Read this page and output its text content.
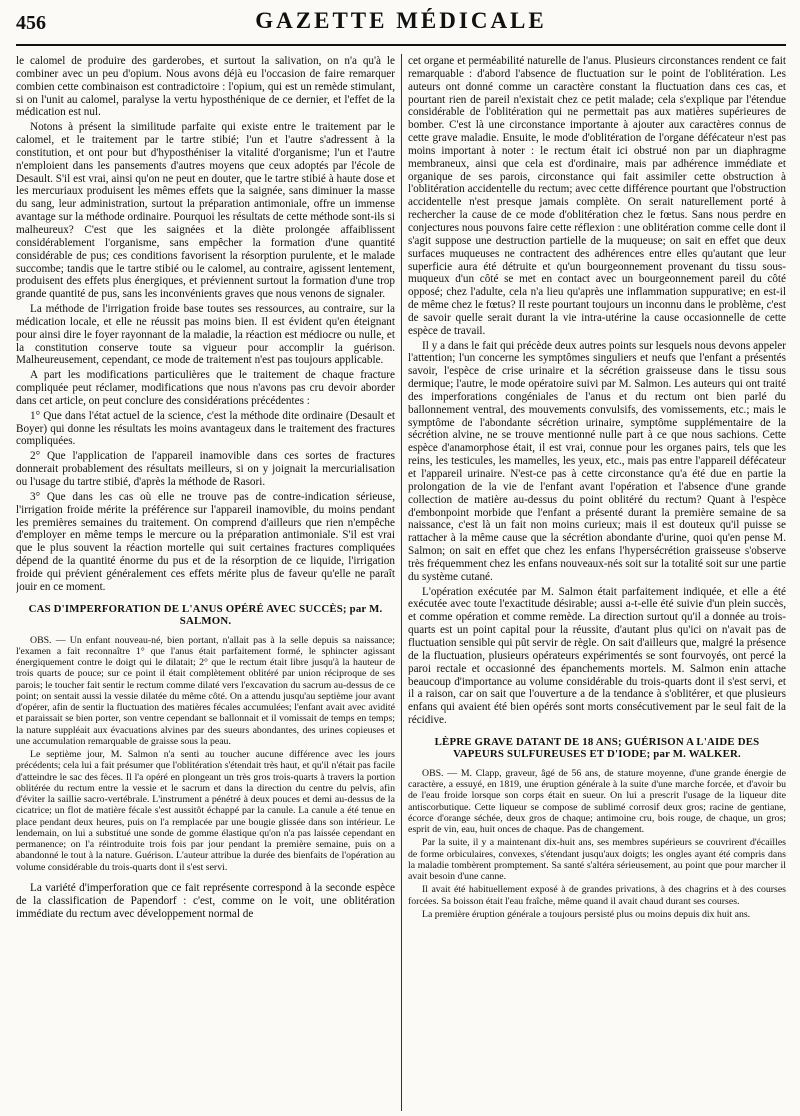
456	GAZETTE MÉDICALE

le calomel de produire des garderobes, et surtout la salivation, on n'a qu'à le combiner avec un peu d'opium. Nous avons déjà eu l'occasion de faire remarquer combien cette combinaison est contradictoire : l'opium, qui est un remède stimulant, si on l'unit au calomel, paralyse la vertu hyposthénique de ce dernier, et l'effet de la médication est nul.

Notons à présent la similitude parfaite qui existe entre le traitement par le calomel, et le traitement par le tartre stibié; l'un et l'autre s'adressent à la constitution, et ont pour but d'hyposthéniser la vitalité d'organisme; l'un et l'autre n'emploient dans les pansements d'autres moyens que ceux adoptés par l'école de Desault. S'il est vrai, ainsi qu'on ne peut en douter, que le tartre stibié à haute dose et les mercuriaux produisent les mêmes effets que la saignée, sans diminuer la masse du sang, leur administration, surtout la préparation antimoniale, offre un immense avantage sur la méthode ordinaire. Pourquoi les résultats de cette méthode sont-ils si malheureux? C'est que les saignées et la diète prolongée affaiblissent considérablement l'organisme, sans empêcher la formation d'une quantité considérable de pus; ces conditions favorisent la résorption purulente, et le malade succombe; tandis que le tartre stibié ou le calomel, au contraire, agissent lentement, produisent des effets plus énergiques, et préviennent surtout la formation d'une trop grande quantité de pus, sans les inconvénients graves que nous venons de signaler.

La méthode de l'irrigation froide base toutes ses ressources, au contraire, sur la médication locale, et elle ne réussit pas moins bien. Il est évident qu'en éteignant pour ainsi dire le foyer rayonnant de la maladie, la réaction est médiocre ou nulle, et la constitution conserve toute sa vigueur pour accomplir la guérison. Malheureusement, cependant, ce mode de traitement n'est pas toujours applicable.

A part les modifications particulières que le traitement de chaque fracture compliquée peut réclamer, modifications que nous n'avons pas cru devoir aborder dans cet article, on peut conclure des considérations précédentes :

1° Que dans l'état actuel de la science, c'est la méthode dite ordinaire (Desault et Boyer) qui donne les résultats les moins avantageux dans le traitement des fractures compliquées.

2° Que l'application de l'appareil inamovible dans ces sortes de fractures donnerait probablement des résultats meilleurs, si on y joignait la mercurialisation ou l'usage du tartre stibié, d'après la méthode de Rasori.

3° Que dans les cas où elle ne trouve pas de contre-indication sérieuse, l'irrigation froide mérite la préférence sur l'appareil inamovible, du moins pendant les premières semaines du traitement. On comprend d'ailleurs que rien n'empêche d'employer en même temps le mercure ou la préparation antimoniale. S'il est vrai que le plus souvent la réaction mortelle qui suit certaines fractures compliquées dépend de la quantité énorme du pus et de la résorption de ce liquide, l'irrigation froide qui prévient généralement ces effets mérite plus de faveur qu'elle ne paraît jouir en ce moment.

CAS D'IMPERFORATION DE L'ANUS OPÉRÉ AVEC SUCCÈS; par M. SALMON.

OBS. — Un enfant nouveau-né, bien portant, n'allait pas à la selle depuis sa naissance; l'examen a fait reconnaître 1° que l'anus était parfaitement formé, le sphincter agissant énergiquement contre le doigt qui le dilatait; 2° que le rectum était libre jusqu'à la hauteur de trois quarts de pouce; sur ce point il était complètement oblitéré par union réciproque de ses parois; le toucher fait sentir le rectum comme dilaté vers l'excavation du sacrum au-dessus de ce point; on sentait aussi la vessie dilatée du même côté. On a attendu jusqu'au septième jour avant d'opérer, afin de sentir la fluctuation des matières fécales accumulées; l'enfant avait avec avidité et paraissait se bien porter, son ventre cependant se ballonnait et il vomissait de temps en temps; la nature suppléait aux évacuations alvines par des sueurs abondantes, des urines copieuses et une accumulation remarquable de graisse sous la peau.

Le septième jour, M. Salmon n'a senti au toucher aucune différence avec les jours précédents; cela lui a fait présumer que l'oblitération s'étendait très haut, et qu'il n'était pas facile d'atteindre le sac des fèces. Il l'a opéré en plongeant un très gros trois-quarts à travers la portion oblitérée du rectum entre la vessie et le sacrum et dans la direction du centre du pelvis, afin d'éviter la saillie sacro-vertébrale. L'instrument a pénétré à deux pouces et demi au-dessus de la cicatrice; un flot de matière fécale s'est aussitôt échappé par la canule. La canule a été tenue en place pendant deux heures, puis on l'a remplacée par une bougie glissée dans son intérieur. Le lendemain, on lui a substitué une sonde de gomme élastique qu'on n'a pas laissée cependant en permanence; on l'a réintroduite trois fois par jour pendant la première semaine, puis on a abandonné le tout à la nature. Guérison. L'auteur attribue la durée des bienfaits de l'opération au volume considérable du trois-quarts dont il s'est servi.

La variété d'imperforation que ce fait représente correspond à la seconde espèce de la classification de Papendorf : c'est, comme on le voit, une oblitération immédiate du rectum avec développement normal de

cet organe et perméabilité naturelle de l'anus. Plusieurs circonstances rendent ce fait remarquable : d'abord l'absence de fluctuation sur le point de l'oblitération. Les auteurs ont donné comme un caractère constant la fluctuation dans ces cas, et pourtant rien de pareil n'existait chez ce petit malade; cela s'explique par l'étendue considérable de l'oblitération qui ne permettait pas aux matières supérieures de bomber. C'est là une circonstance importante à ajouter aux caractères connus de cette grave maladie. Ensuite, le mode d'oblitération de l'organe défécateur n'est pas moins important à noter : le rectum était ici obstrué non par un diaphragme membraneux, ainsi que cela est d'ordinaire, mais par adhérence immédiate et organique de ses parois, circonstance qui fait assimiler cette obstruction à l'oblitération accidentelle du rectum; avec cette différence pourtant que l'obstruction accidentelle n'est presque jamais complète. On serait naturellement porté à rechercher la cause de ce mode d'oblitération chez le fœtus. Sans nous perdre en conjectures nous pouvons faire cette réflexion : une oblitération comme celle dont il s'agit suppose une destruction partielle de la muqueuse; on sait en effet que deux surfaces muqueuses ne contractent des adhérences entre elles qu'autant que leur superficie aura été détruite et qu'un bourgeonnement provenant du tissu sous-muqueux d'un côté se met en contact avec un bourgeonnement pareil du côté opposé; chez l'adulte, cela n'a lieu qu'après une inflammation suppurative; en est-il de même chez le fœtus? Il reste pourtant toujours un inconnu dans le problème, c'est de savoir quelle serait durant la vie intra-utérine la cause occasionnelle de cette espèce de travail.

Il y a dans le fait qui précède deux autres points sur lesquels nous devons appeler l'attention; l'un concerne les symptômes singuliers et neufs que l'enfant a présentés savoir, l'espèce de crise urinaire et la sécrétion graisseuse dans le tissu sous dermique; l'autre, le mode opératoire suivi par M. Salmon. Les auteurs qui ont traité des imperforations congéniales de l'anus et du rectum ont bien parlé du ballonnement ventral, des mouvements convulsifs, des vomissements, etc.; mais le symptôme de l'abondante sécrétion urinaire, symptôme supplémentaire de la sécrétion alvine, ne se trouve mentionné nulle part à ce que nous sachions. Cette espèce d'anamorphose était, il est vrai, connue pour les organes pairs, tels que les reins, les testicules, les mamelles, les yeux, etc., mais pas entre l'appareil défécateur et l'appareil urinaire. N'est-ce pas à cette circonstance qu'a été due en partie la prolongation de la vie de l'enfant avant l'opération et l'absence d'une grande collection de matière au-dessus du point oblitéré du rectum? Quant à l'espèce d'embonpoint morbide que l'enfant a présenté durant la première semaine de sa naissance, c'est là un fait non moins curieux; mais il est douteux qu'il puisse se rattacher à la même cause que la sécrétion abondante d'urine, quoi qu'en pense M. Salmon; on sait en effet que chez les enfans l'hypersécrétion graisseuse s'observe très fréquemment chez les enfans nouveaux-nés soit sur la totalité soit sur une partie du système cutané.

L'opération exécutée par M. Salmon était parfaitement indiquée, et elle a été exécutée avec toute l'exactitude désirable; aussi a-t-elle été suivie d'un plein succès, et comme opération et comme remède. La direction surtout qu'il a donnée au trois-quarts est un point capital pour la réussite, d'autant plus qu'ici on n'avait pas de fluctuation sensible qui pût servir de règle. On sait d'ailleurs que, malgré la présence de la fluctuation, plusieurs opérateurs expérimentés se sont fourvoyés, ont percé la paroi rectale et occasionné des épanchements mortels. M. Salmon enin attache beaucoup d'importance au volume considérable du trois-quarts dont il s'est servi, et il a raison, car on sait que l'ouverture a de la tendance à s'oblitérer, et que plusieurs enfans qui avaient été bien opérés sont morts consécutivement par le seul fait de la récidive.

LÈPRE GRAVE DATANT DE 18 ANS; GUÉRISON A L'AIDE DES VAPEURS SULFUREUSES ET D'IODE; par M. WALKER.

OBS. — M. Clapp, graveur, âgé de 56 ans, de stature moyenne, d'une grande énergie de caractère, a essuyé, en 1819, une éruption générale à la suite d'une marche forcée, et d'avoir bu de l'eau froide lorsque son corps était en sueur. On lui a prescrit l'usage de la liqueur dite antiscorbutique. Cette liqueur se compose de sublimé corrosif deux gros; racine de gentiane, écorce d'orange séchée, deux gros de chaque; antimoine cru, bois rouge, de chaque, un gros; esprit de vin, eau, huit onces de chaque. Pas de changement.

Par la suite, il y a maintenant dix-huit ans, ses membres supérieurs se couvrirent d'écailles de forme orbiculaires, convexes, s'étendant jusqu'aux doigts; les ongles ayant été compris dans la maladie tombèrent promptement. Sa santé s'altéra sérieusement, au point que pour marcher il avait besoin d'une canne.

Il avait été habituellement exposé à de grandes privations, à des chagrins et à des courses forcées. Sa boisson était l'eau fraîche, même quand il avait chaud durant ses courses.

La première éruption générale a toujours persisté plus ou moins depuis dix huit ans.
